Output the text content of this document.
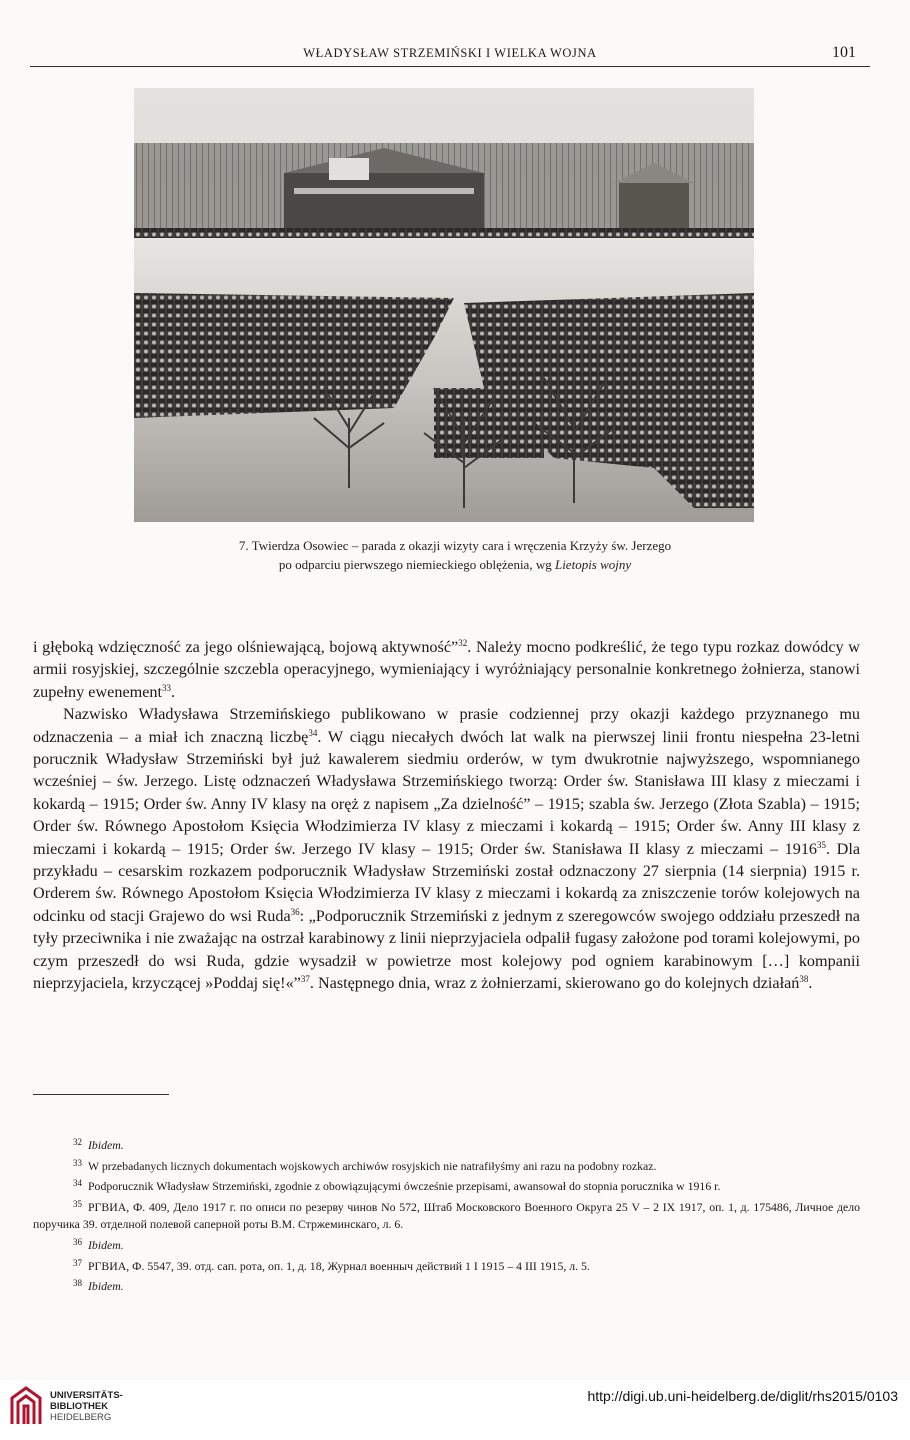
WŁADYSŁAW STRZEMIŃSKI I WIELKA WOJNA	101
7. Twierdza Osowiec – parada z okazji wizyty cara i wręczenia Krzyży św. Jerzego
po odparciu pierwszego niemieckiego oblężenia, wg Lietopis wojny

i głęboką wdzięczność za jego olśniewającą, bojową aktywność”$^{32}$. Należy mocno podkreślić, że tego typu rozkaz dowódcy w armii rosyjskiej, szczególnie szczebla operacyjnego, wymieniający i wyróżniający personalnie konkretnego żołnierza, stanowi zupełny ewenement$^{33}$.

Nazwisko Władysława Strzemińskiego publikowano w prasie codziennej przy okazji każdego przyznanego mu odznaczenia – a miał ich znaczną liczbę$^{34}$. W ciągu niecałych dwóch lat walk na pierwszej linii frontu niespełna 23-letni porucznik Władysław Strzemiński był już kawalerem siedmiu orderów, w tym dwukrotnie najwyższego, wspomnianego wcześniej – św. Jerzego. Listę odznaczeń Władysława Strzemińskiego tworzą: Order św. Stanisława III klasy z mieczami i kokardą – 1915; Order św. Anny IV klasy na oręż z napisem „Za dzielność” – 1915; szabla św. Jerzego (Złota Szabla) – 1915; Order św. Równego Apostołom Księcia Włodzimierza IV klasy z mieczami i kokardą – 1915; Order św. Anny III klasy z mieczami i kokardą – 1915; Order św. Jerzego IV klasy – 1915; Order św. Stanisława II klasy z mieczami – 1916$^{35}$. Dla przykładu – cesarskim rozkazem podporucznik Władysław Strzemiński został odznaczony 27 sierpnia (14 sierpnia) 1915 r. Orderem św. Równego Apostołom Księcia Włodzimierza IV klasy z mieczami i kokardą za zniszczenie torów kolejowych na odcinku od stacji Grajewo do wsi Ruda$^{36}$: „Podporucznik Strzemiński z jednym z szeregowców swojego oddziału przeszedł na tyły przeciwnika i nie zważając na ostrzał karabinowy z linii nieprzyjaciela odpalił fugasy założone pod torami kolejowymi, po czym przeszedł do wsi Ruda, gdzie wysadził w powietrze most kolejowy pod ogniem karabinowym […] kompanii nieprzyjaciela, krzyczącej »Poddaj się!«”$^{37}$. Następnego dnia, wraz z żołnierzami, skierowano go do kolejnych działań$^{38}$.

$^{32}$ Ibidem.

$^{33}$ W przebadanych licznych dokumentach wojskowych archiwów rosyjskich nie natrafiłyśmy ani razu na podobny rozkaz.

$^{34}$ Podporucznik Władysław Strzemiński, zgodnie z obowiązującymi ówcześnie przepisami, awansował do stopnia porucznika w 1916 r.

$^{35}$ РГВИА, Ф. 409, Дело 1917 г. по описи по резерву чинов No 572, Штаб Московского Военного Округа 25 V – 2 IX 1917, оп. 1, д. 175486, Личное дело поручика 39. отделной полевой саперной роты В.М. Стржеминскаго, л. 6.

$^{36}$ Ibidem.

$^{37}$ РГВИА, Ф. 5547, 39. отд. сап. рота, оп. 1, д. 18, Журнал военныч действий 1 I 1915 – 4 III 1915, л. 5.

$^{38}$ Ibidem.

UNIVERSITÄTS-
BIBLIOTHEK
HEIDELBERG
http://digi.ub.uni-heidelberg.de/diglit/rhs2015/0103
